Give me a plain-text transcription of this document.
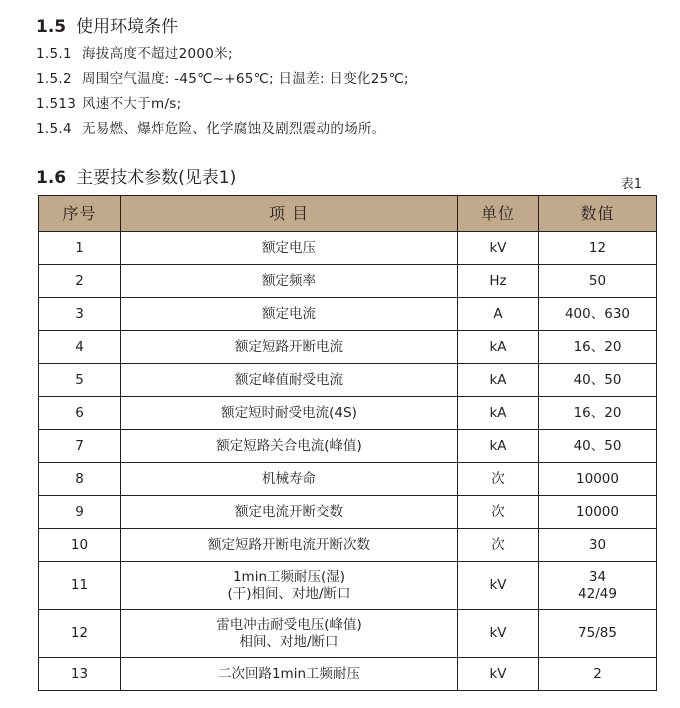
1.5 使用环境条件
1.5.1 海拔高度不超过2000米;
1.5.2 周围空气温度: -45℃~+65℃; 日温差: 日变化25℃;
1.513 风速不大于m/s;
1.5.4 无易燃、爆炸危险、化学腐蚀及剧烈震动的场所。
1.6 主要技术参数(见表1)	表1
序号	项 目	单位	数值
1	额定电压	kV	12

2	额定频率	Hz	50

3	额定电流	A	400、630

4	额定短路开断电流	kA	16、20

5	额定峰值耐受电流	kA	40、50

6	额定短时耐受电流(4S)	kA	16、20

7	额定短路关合电流(峰值)	kA	40、50

8	机械寿命	次	10000

9	额定电流开断交数	次	10000

10	额定短路开断电流开断次数	次	30

11	1min工频耐压(湿)
(干)相间、对地/断口	kV	34
42/49

12	雷电冲击耐受电压(峰值)
相间、对地/断口	kV	75/85

13	二次回路1min工频耐压	kV	2
